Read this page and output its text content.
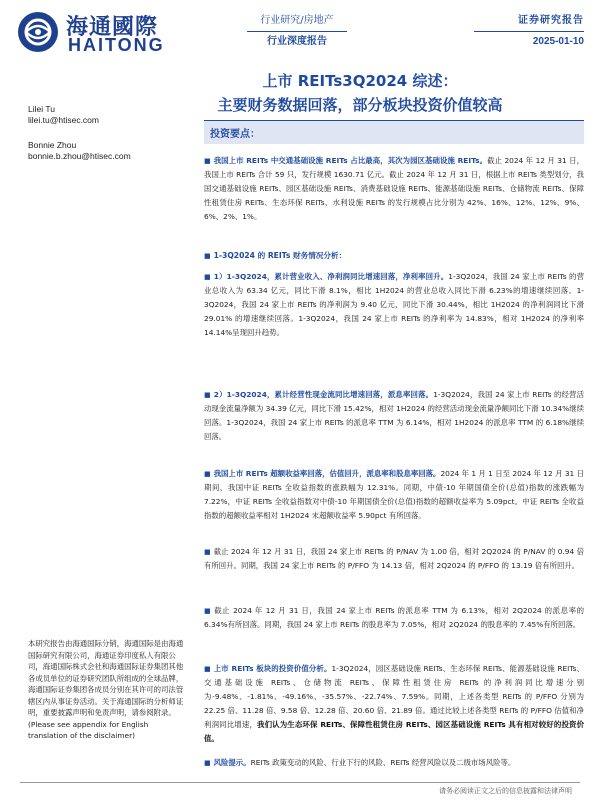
海通國際
HAITONG
行业研究/房地产
行业深度报告
证券研究报告
2025-01-10
上市 REITs3Q2024 综述：
主要财务数据回落，部分板块投资价值较高
Lilei Tu
lilei.tu@htisec.com
Bonnie Zhou
bonnie.b.zhou@htisec.com
投资要点：
■ 我国上市 REITs 中交通基础设施 REITs 占比最高，其次为园区基础设施 REITs。截止 2024 年 12 月 31 日，我国上市 REITs 合计 59 只，发行规模 1630.71 亿元。截止 2024 年 12 月 31 日，根据上市 REITs 类型划分，我国交通基础设施 REITs、园区基础设施 REITs、消费基础设施 REITs、能源基础设施 REITs、仓储物流 REITs、保障性租赁住房 REITs、生态环保 REITs、水利设施 REITs 的发行规模占比分别为 42%、16%、12%、12%、9%、6%、2%、1%。
■ 1-3Q2024 的 REITs 财务情况分析：
■ 1）1-3Q2024，累计营业收入、净利润同比增速回落，净利率回升。1-3Q2024，我国 24 家上市 REITs 的营业总收入为 63.34 亿元，同比下滑 8.1%，相比 1H2024 的营业总收入同比下滑 6.23%的增速继续回落。1-3Q2024，我国 24 家上市 REITs 的净利润为 9.40 亿元，同比下滑 30.44%，相比 1H2024 的净利润同比下滑 29.01% 的增速继续回落。1-3Q2024，我国 24 家上市 REITs 的净利率为 14.83%，相对 1H2024 的净利率 14.14%呈现回升趋势。
■ 2）1-3Q2024，累计经营性现金流同比增速回落，派息率回落。1-3Q2024，我国 24 家上市 REITs 的经营活动现金流量净额为 34.39 亿元，同比下滑 15.42%，相对 1H2024 的经营活动现金流量净额同比下滑 10.34%继续回落。1-3Q2024，我国 24 家上市 REITs 的派息率 TTM 为 6.14%，相对 1H2024 的派息率 TTM 的 6.18%继续回落。
■ 我国上市 REITs 超额收益率回落，估值回升，派息率和股息率回落。2024 年 1 月 1 日至 2024 年 12 月 31 日期间，我国中证 REITs 全收益指数的涨跌幅为 12.31%。同期，中债-10 年期国债全价(总值)指数的涨跌幅为 7.22%，中证 REITs 全收益指数对中债-10 年期国债全价(总值)指数的超额收益率为 5.09pct。中证 REITs 全收益指数的超额收益率相对 1H2024 末超额收益率 5.90pct 有所回落。
■ 截止 2024 年 12 月 31 日，我国 24 家上市 REITs 的 P/NAV 为 1.00 倍，相对 2Q2024 的 P/NAV 的 0.94 倍有所回升。同期，我国 24 家上市 REITs 的 P/FFO 为 14.13 倍，相对 2Q2024 的 P/FFO 的 13.19 倍有所回升。
■ 截止 2024 年 12 月 31 日，我国 24 家上市 REITs 的派息率 TTM 为 6.13%，相对 2Q2024 的派息率的 6.34%有所回落。同期，我国 24 家上市 REITs 的股息率为 7.05%，相对 2Q2024 的股息率的 7.45%有所回落。
■ 上市 REITs 板块的投资价值分析。1-3Q2024，园区基础设施 REITs、生态环保 REITs、能源基础设施 REITs、交通基础设施 REITs、仓储物流 REITs、保障性租赁住房 REITs 的净利润同比增速分别为-9.48%、-1.81%、-49.16%、-35.57%、-22.74%、7.59%。同期，上述各类型 REITs 的 P/FFO 分别为 22.25 倍、11.28 倍、9.58 倍、12.28 倍、20.60 倍、21.89 倍。通过比较上述各类型 REITs 的 P/FFO 估值和净利润同比增速，我们认为生态环保 REITs、保障性租赁住房 REITs、园区基础设施 REITs 具有相对较好的投资价值。
■ 风险提示。REITs 政策变动的风险、行业下行的风险、REITs 经营风险以及二级市场风险等。
本研究报告由海通国际分销，海通国际是由海通国际研究有限公司，海通证券印度私人有限公司，海通国际株式会社和海通国际证券集团其他各成员单位的证券研究团队所组成的全球品牌，海通国际证券集团各成员分别在其许可的司法管辖区内从事证券活动。关于海通国际的分析师证明，重要披露声明和免责声明，请参阅附录。(Please see appendix for English translation of the disclaimer)
请务必阅读正文之后的信息披露和法律声明
